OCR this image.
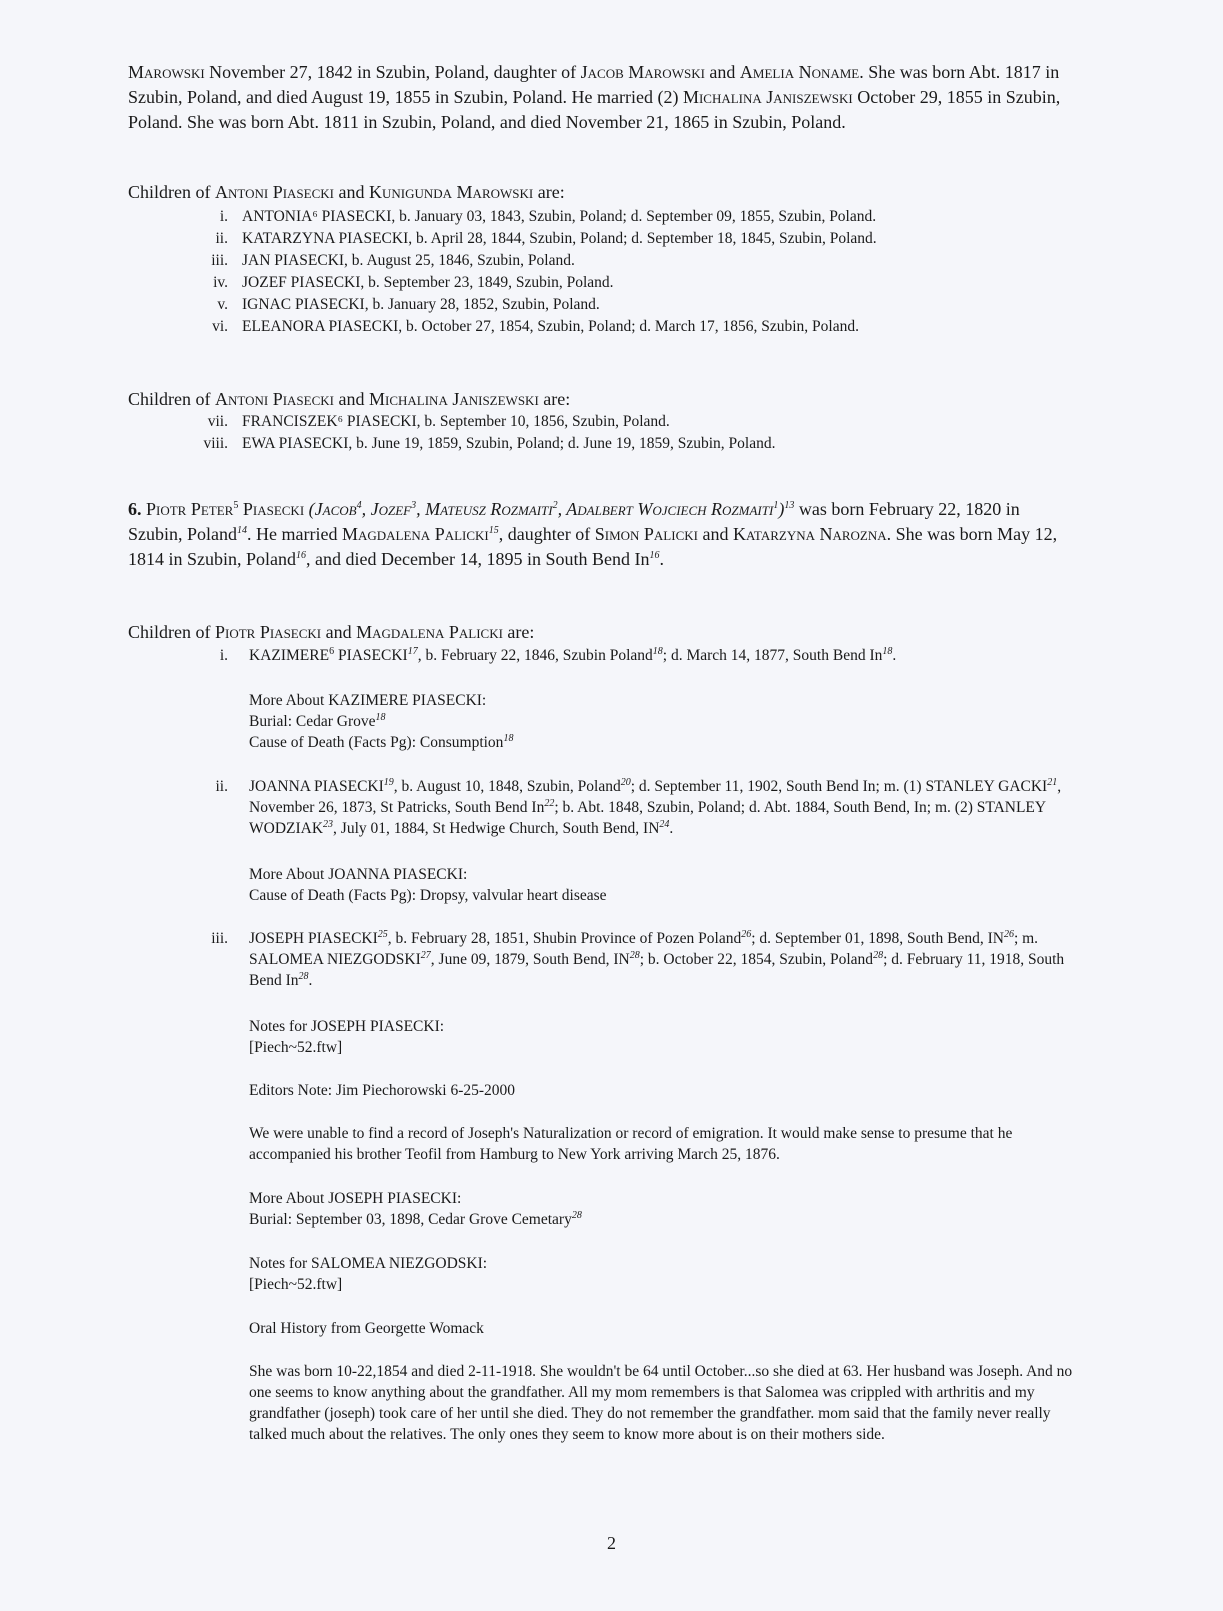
Marowski November 27, 1842 in Szubin, Poland, daughter of Jacob Marowski and Amelia Noname. She was born Abt. 1817 in Szubin, Poland, and died August 19, 1855 in Szubin, Poland. He married (2) Michalina Janiszewski October 29, 1855 in Szubin, Poland. She was born Abt. 1811 in Szubin, Poland, and died November 21, 1865 in Szubin, Poland.

Children of Antoni Piasecki and Kunigunda Marowski are:

i. ANTONIA⁶ PIASECKI, b. January 03, 1843, Szubin, Poland; d. September 09, 1855, Szubin, Poland.
ii. KATARZYNA PIASECKI, b. April 28, 1844, Szubin, Poland; d. September 18, 1845, Szubin, Poland.
iii. JAN PIASECKI, b. August 25, 1846, Szubin, Poland.
iv. JOZEF PIASECKI, b. September 23, 1849, Szubin, Poland.
v. IGNAC PIASECKI, b. January 28, 1852, Szubin, Poland.
vi. ELEANORA PIASECKI, b. October 27, 1854, Szubin, Poland; d. March 17, 1856, Szubin, Poland.

Children of Antoni Piasecki and Michalina Janiszewski are:

vii. FRANCISZEK⁶ PIASECKI, b. September 10, 1856, Szubin, Poland.
viii. EWA PIASECKI, b. June 19, 1859, Szubin, Poland; d. June 19, 1859, Szubin, Poland.

6. Piotr Peter$^5$ Piasecki (Jacob$^4$, Jozef$^3$, Mateusz Rozmaiti$^2$, Adalbert Wojciech Rozmaiti$^1$)$^{13}$ was born February 22, 1820 in Szubin, Poland$^{14}$. He married Magdalena Palicki$^{15}$, daughter of Simon Palicki and Katarzyna Narozna. She was born May 12, 1814 in Szubin, Poland$^{16}$, and died December 14, 1895 in South Bend In$^{16}$.

Children of Piotr Piasecki and Magdalena Palicki are:

i. KAZIMERE$^6$ PIASECKI$^{17}$, b. February 22, 1846, Szubin Poland$^{18}$; d. March 14, 1877, South Bend In$^{18}$.

More About KAZIMERE PIASECKI:

Burial: Cedar Grove$^{18}$

Cause of Death (Facts Pg): Consumption$^{18}$

ii. JOANNA PIASECKI$^{19}$, b. August 10, 1848, Szubin, Poland$^{20}$; d. September 11, 1902, South Bend In; m. (1) STANLEY GACKI$^{21}$, November 26, 1873, St Patricks, South Bend In$^{22}$; b. Abt. 1848, Szubin, Poland; d. Abt. 1884, South Bend, In; m. (2) STANLEY WODZIAK$^{23}$, July 01, 1884, St Hedwige Church, South Bend, IN$^{24}$.

More About JOANNA PIASECKI:

Cause of Death (Facts Pg): Dropsy, valvular heart disease

iii. JOSEPH PIASECKI$^{25}$, b. February 28, 1851, Shubin Province of Pozen Poland$^{26}$; d. September 01, 1898, South Bend, IN$^{26}$; m. SALOMEA NIEZGODSKI$^{27}$, June 09, 1879, South Bend, IN$^{28}$; b. October 22, 1854, Szubin, Poland$^{28}$; d. February 11, 1918, South Bend In$^{28}$.

Notes for JOSEPH PIASECKI:

[Piech~52.ftw]

Editors Note: Jim Piechorowski 6-25-2000

We were unable to find a record of Joseph's Naturalization or record of emigration. It would make sense to presume that he accompanied his brother Teofil from Hamburg to New York arriving March 25, 1876.

More About JOSEPH PIASECKI:

Burial: September 03, 1898, Cedar Grove Cemetary$^{28}$

Notes for SALOMEA NIEZGODSKI:

[Piech~52.ftw]

Oral History from Georgette Womack

She was born 10-22,1854 and died 2-11-1918. She wouldn't be 64 until October...so she died at 63. Her husband was Joseph. And no one seems to know anything about the grandfather. All my mom remembers is that Salomea was crippled with arthritis and my grandfather (joseph) took care of her until she died. They do not remember the grandfather. mom said that the family never really talked much about the relatives. The only ones they seem to know more about is on their mothers side.

2
